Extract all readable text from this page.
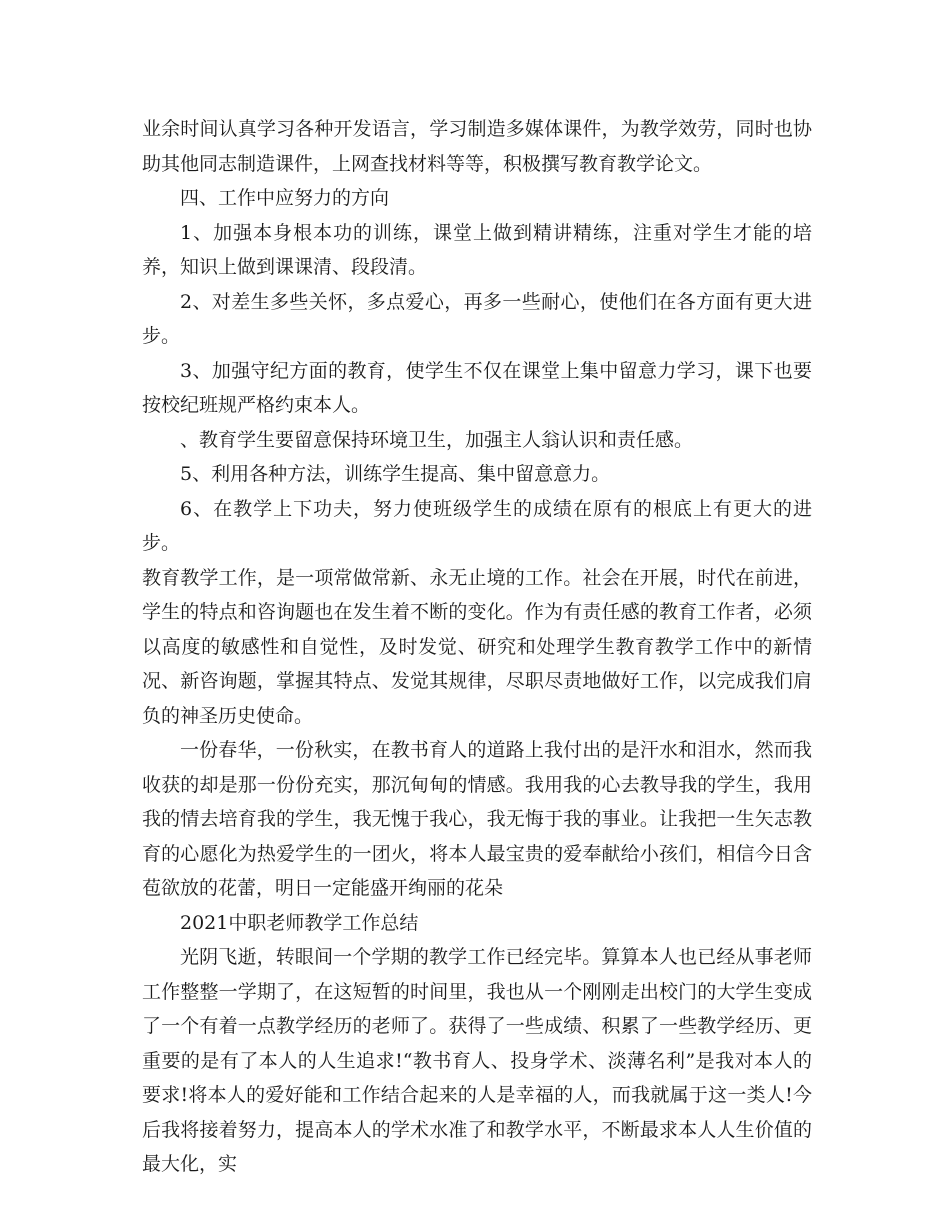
业余时间认真学习各种开发语言，学习制造多媒体课件，为教学效劳，同时也协助其他同志制造课件，上网查找材料等等，积极撰写教育教学论文。

四、工作中应努力的方向

1、加强本身根本功的训练，课堂上做到精讲精练，注重对学生才能的培养，知识上做到课课清、段段清。

2、对差生多些关怀，多点爱心，再多一些耐心，使他们在各方面有更大进步。

3、加强守纪方面的教育，使学生不仅在课堂上集中留意力学习，课下也要按校纪班规严格约束本人。

、教育学生要留意保持环境卫生，加强主人翁认识和责任感。

5、利用各种方法，训练学生提高、集中留意意力。

6、在教学上下功夫，努力使班级学生的成绩在原有的根底上有更大的进步。

教育教学工作，是一项常做常新、永无止境的工作。社会在开展，时代在前进，学生的特点和咨询题也在发生着不断的变化。作为有责任感的教育工作者，必须以高度的敏感性和自觉性，及时发觉、研究和处理学生教育教学工作中的新情况、新咨询题，掌握其特点、发觉其规律，尽职尽责地做好工作，以完成我们肩负的神圣历史使命。

一份春华，一份秋实，在教书育人的道路上我付出的是汗水和泪水，然而我收获的却是那一份份充实，那沉甸甸的情感。我用我的心去教导我的学生，我用我的情去培育我的学生，我无愧于我心，我无悔于我的事业。让我把一生矢志教育的心愿化为热爱学生的一团火，将本人最宝贵的爱奉献给小孩们，相信今日含苞欲放的花蕾，明日一定能盛开绚丽的花朵

2021中职老师教学工作总结

光阴飞逝，转眼间一个学期的教学工作已经完毕。算算本人也已经从事老师工作整整一学期了，在这短暂的时间里，我也从一个刚刚走出校门的大学生变成了一个有着一点教学经历的老师了。获得了一些成绩、积累了一些教学经历、更重要的是有了本人的人生追求!“教书育人、投身学术、淡薄名利”是我对本人的要求!将本人的爱好能和工作结合起来的人是幸福的人，而我就属于这一类人!今后我将接着努力，提高本人的学术水准了和教学水平，不断最求本人人生价值的最大化，实
